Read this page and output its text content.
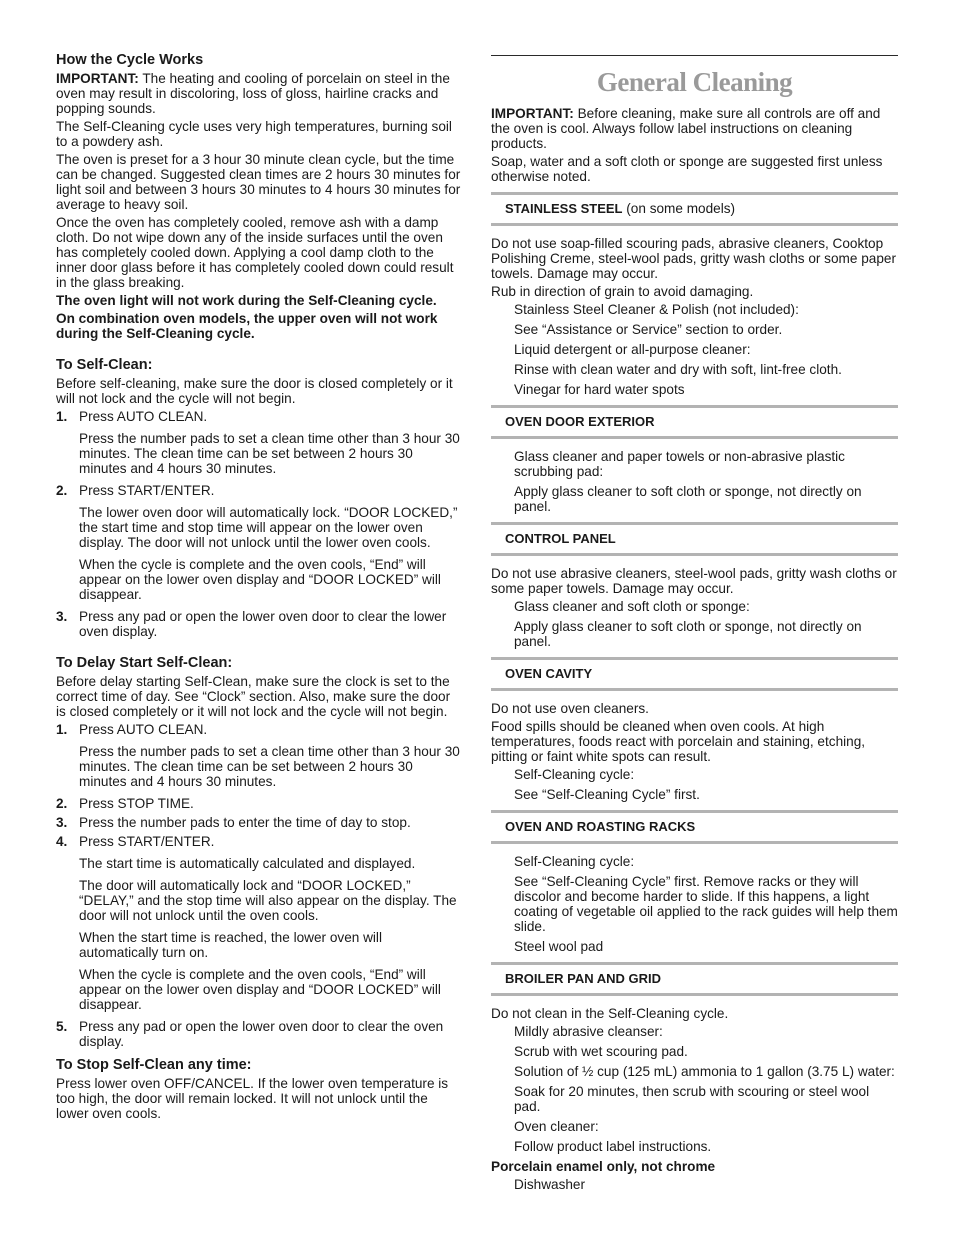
How the Cycle Works

IMPORTANT: The heating and cooling of porcelain on steel in the oven may result in discoloring, loss of gloss, hairline cracks and popping sounds.

The Self-Cleaning cycle uses very high temperatures, burning soil to a powdery ash.

The oven is preset for a 3 hour 30 minute clean cycle, but the time can be changed. Suggested clean times are 2 hours 30 minutes for light soil and between 3 hours 30 minutes to 4 hours 30 minutes for average to heavy soil.

Once the oven has completely cooled, remove ash with a damp cloth. Do not wipe down any of the inside surfaces until the oven has completely cooled down. Applying a cool damp cloth to the inner door glass before it has completely cooled down could result in the glass breaking.

The oven light will not work during the Self-Cleaning cycle.

On combination oven models, the upper oven will not work during the Self-Cleaning cycle.

To Self-Clean:

Before self-cleaning, make sure the door is closed completely or it will not lock and the cycle will not begin.

1. Press AUTO CLEAN.
Press the number pads to set a clean time other than 3 hour 30 minutes. The clean time can be set between 2 hours 30 minutes and 4 hours 30 minutes.
2. Press START/ENTER.
The lower oven door will automatically lock. “DOOR LOCKED,” the start time and stop time will appear on the lower oven display. The door will not unlock until the lower oven cools.
When the cycle is complete and the oven cools, “End” will appear on the lower oven display and “DOOR LOCKED” will disappear.
3. Press any pad or open the lower oven door to clear the lower oven display.
To Delay Start Self-Clean:

Before delay starting Self-Clean, make sure the clock is set to the correct time of day. See “Clock” section. Also, make sure the door is closed completely or it will not lock and the cycle will not begin.

1. Press AUTO CLEAN.
Press the number pads to set a clean time other than 3 hour 30 minutes. The clean time can be set between 2 hours 30 minutes and 4 hours 30 minutes.
2. Press STOP TIME.
3. Press the number pads to enter the time of day to stop.
4. Press START/ENTER.
The start time is automatically calculated and displayed.
The door will automatically lock and “DOOR LOCKED,” “DELAY,” and the stop time will also appear on the display. The door will not unlock until the oven cools.
When the start time is reached, the lower oven will automatically turn on.
When the cycle is complete and the oven cools, “End” will appear on the lower oven display and “DOOR LOCKED” will disappear.
5. Press any pad or open the lower oven door to clear the oven display.
To Stop Self-Clean any time:

Press lower oven OFF/CANCEL. If the lower oven temperature is too high, the door will remain locked. It will not unlock until the lower oven cools.

General Cleaning

IMPORTANT: Before cleaning, make sure all controls are off and the oven is cool. Always follow label instructions on cleaning products.

Soap, water and a soft cloth or sponge are suggested first unless otherwise noted.

STAINLESS STEEL (on some models)

Do not use soap-filled scouring pads, abrasive cleaners, Cooktop Polishing Creme, steel-wool pads, gritty wash cloths or some paper towels. Damage may occur.

Rub in direction of grain to avoid damaging.

Stainless Steel Cleaner & Polish (not included):

See “Assistance or Service” section to order.

Liquid detergent or all-purpose cleaner:

Rinse with clean water and dry with soft, lint-free cloth.

Vinegar for hard water spots

OVEN DOOR EXTERIOR

Glass cleaner and paper towels or non-abrasive plastic scrubbing pad:

Apply glass cleaner to soft cloth or sponge, not directly on panel.

CONTROL PANEL

Do not use abrasive cleaners, steel-wool pads, gritty wash cloths or some paper towels. Damage may occur.

Glass cleaner and soft cloth or sponge:

Apply glass cleaner to soft cloth or sponge, not directly on panel.

OVEN CAVITY

Do not use oven cleaners.

Food spills should be cleaned when oven cools. At high temperatures, foods react with porcelain and staining, etching, pitting or faint white spots can result.

Self-Cleaning cycle:

See “Self-Cleaning Cycle” first.

OVEN AND ROASTING RACKS

Self-Cleaning cycle:

See “Self-Cleaning Cycle” first. Remove racks or they will discolor and become harder to slide. If this happens, a light coating of vegetable oil applied to the rack guides will help them slide.

Steel wool pad

BROILER PAN AND GRID

Do not clean in the Self-Cleaning cycle.

Mildly abrasive cleanser:

Scrub with wet scouring pad.

Solution of ½ cup (125 mL) ammonia to 1 gallon (3.75 L) water:

Soak for 20 minutes, then scrub with scouring or steel wool pad.

Oven cleaner:

Follow product label instructions.

Porcelain enamel only, not chrome

Dishwasher
